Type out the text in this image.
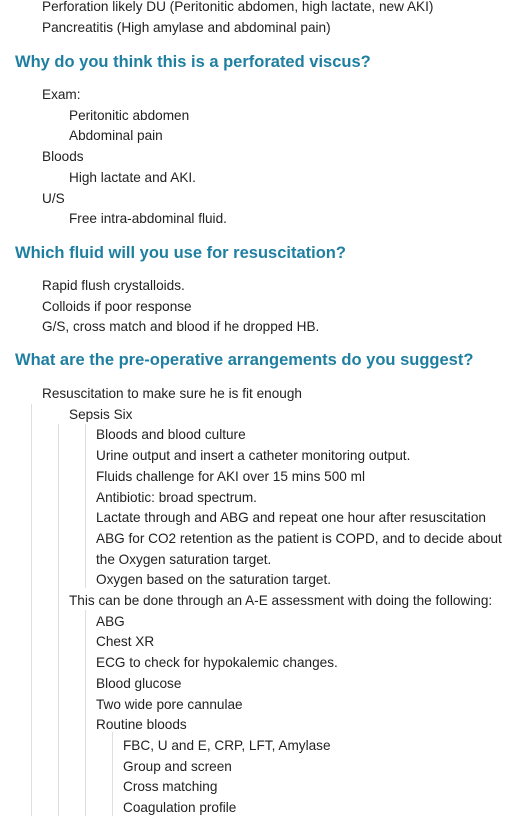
Perforation likely DU (Peritonitic abdomen, high lactate, new AKI)
Pancreatitis (High amylase and abdominal pain)
Why do you think this is a perforated viscus?
Exam:
Peritonitic abdomen
Abdominal pain
Bloods
High lactate and AKI.
U/S
Free intra-abdominal fluid.
Which fluid will you use for resuscitation?
Rapid flush crystalloids.
Colloids if poor response
G/S, cross match and blood if he dropped HB.
What are the pre-operative arrangements do you suggest?
Resuscitation to make sure he is fit enough
Sepsis Six
Bloods and blood culture
Urine output and insert a catheter monitoring output.
Fluids challenge for AKI over 15 mins 500 ml
Antibiotic: broad spectrum.
Lactate through and ABG and repeat one hour after resuscitation
ABG for CO2 retention as the patient is COPD, and to decide about the Oxygen saturation target.
Oxygen based on the saturation target.
This can be done through an A-E assessment with doing the following:
ABG
Chest XR
ECG to check for hypokalemic changes.
Blood glucose
Two wide pore cannulae
Routine bloods
FBC, U and E, CRP, LFT, Amylase
Group and screen
Cross matching
Coagulation profile
